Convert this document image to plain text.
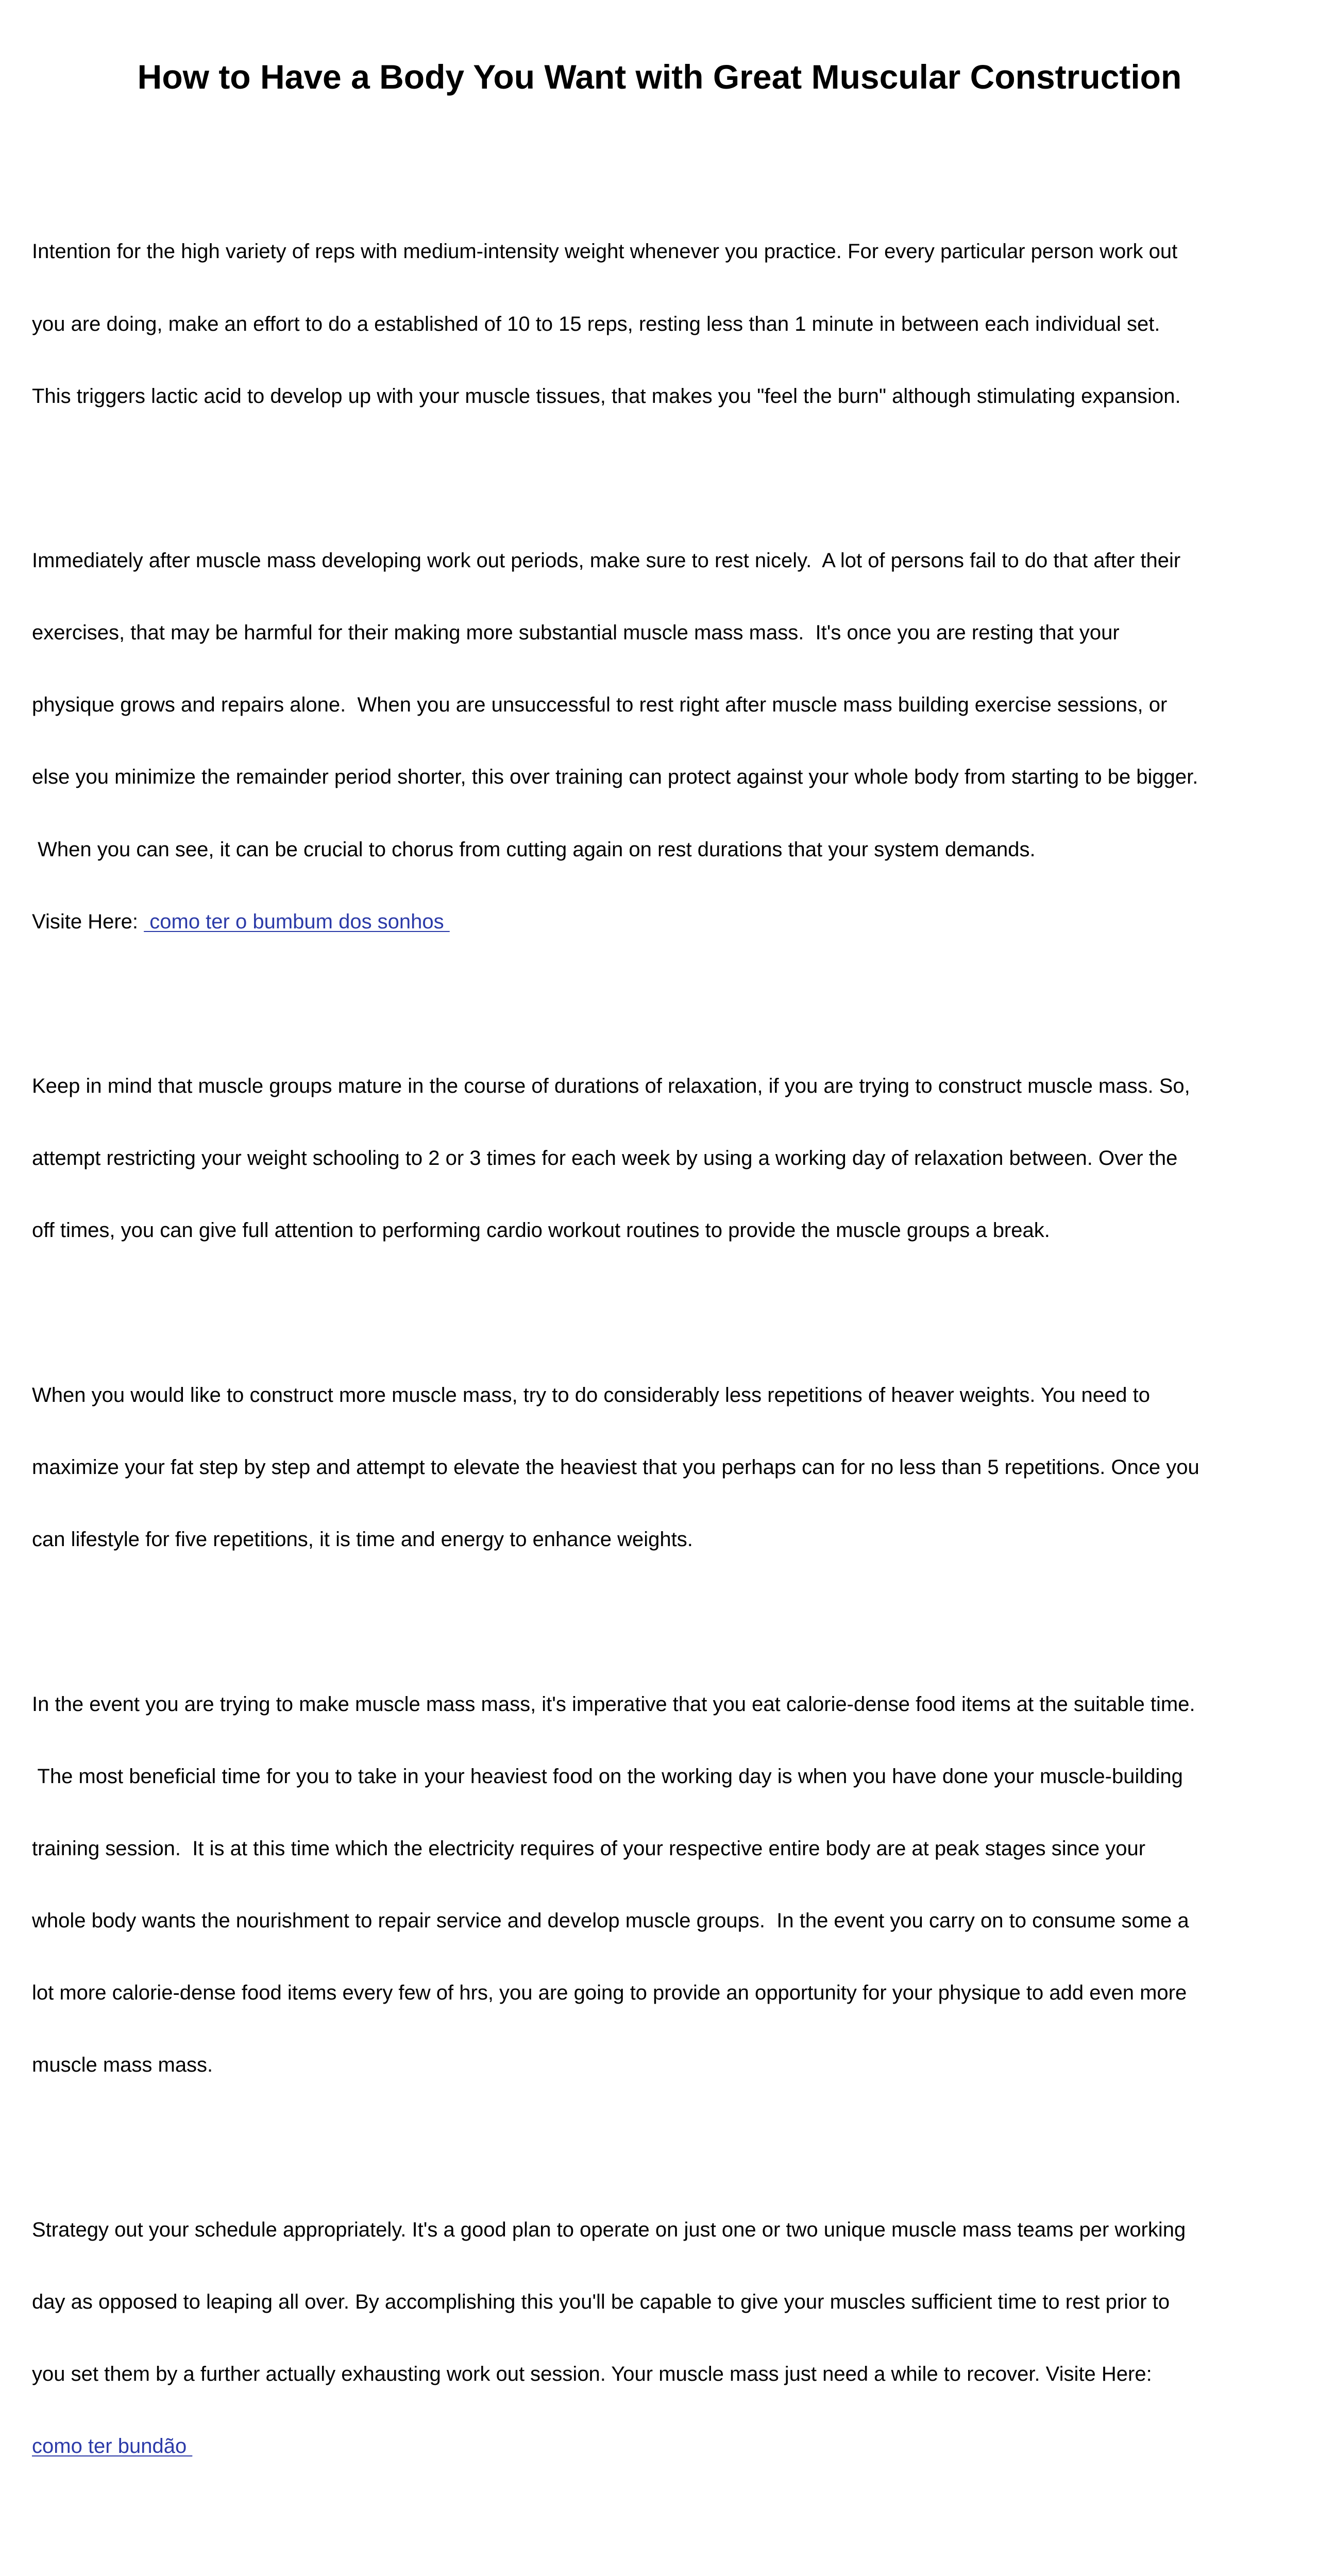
How to Have a Body You Want with Great Muscular Construction

Intention for the high variety of reps with medium-intensity weight whenever you practice. For every particular person work out

you are doing, make an effort to do a established of 10 to 15 reps, resting less than 1 minute in between each individual set.

This triggers lactic acid to develop up with your muscle tissues, that makes you "feel the burn" although stimulating expansion.

Immediately after muscle mass developing work out periods, make sure to rest nicely.  A lot of persons fail to do that after their

exercises, that may be harmful for their making more substantial muscle mass mass.  It's once you are resting that your

physique grows and repairs alone.  When you are unsuccessful to rest right after muscle mass building exercise sessions, or

else you minimize the remainder period shorter, this over training can protect against your whole body from starting to be bigger.

When you can see, it can be crucial to chorus from cutting again on rest durations that your system demands.

Visite Here:  como ter o bumbum dos sonhos

Keep in mind that muscle groups mature in the course of durations of relaxation, if you are trying to construct muscle mass. So,

attempt restricting your weight schooling to 2 or 3 times for each week by using a working day of relaxation between. Over the

off times, you can give full attention to performing cardio workout routines to provide the muscle groups a break.

When you would like to construct more muscle mass, try to do considerably less repetitions of heaver weights. You need to

maximize your fat step by step and attempt to elevate the heaviest that you perhaps can for no less than 5 repetitions. Once you

can lifestyle for five repetitions, it is time and energy to enhance weights.

In the event you are trying to make muscle mass mass, it's imperative that you eat calorie-dense food items at the suitable time.

The most beneficial time for you to take in your heaviest food on the working day is when you have done your muscle-building

training session.  It is at this time which the electricity requires of your respective entire body are at peak stages since your

whole body wants the nourishment to repair service and develop muscle groups.  In the event you carry on to consume some a

lot more calorie-dense food items every few of hrs, you are going to provide an opportunity for your physique to add even more

muscle mass mass.

Strategy out your schedule appropriately. It's a good plan to operate on just one or two unique muscle mass teams per working

day as opposed to leaping all over. By accomplishing this you'll be capable to give your muscles sufficient time to rest prior to

you set them by a further actually exhausting work out session. Your muscle mass just need a while to recover. Visite Here:

como ter bundão
